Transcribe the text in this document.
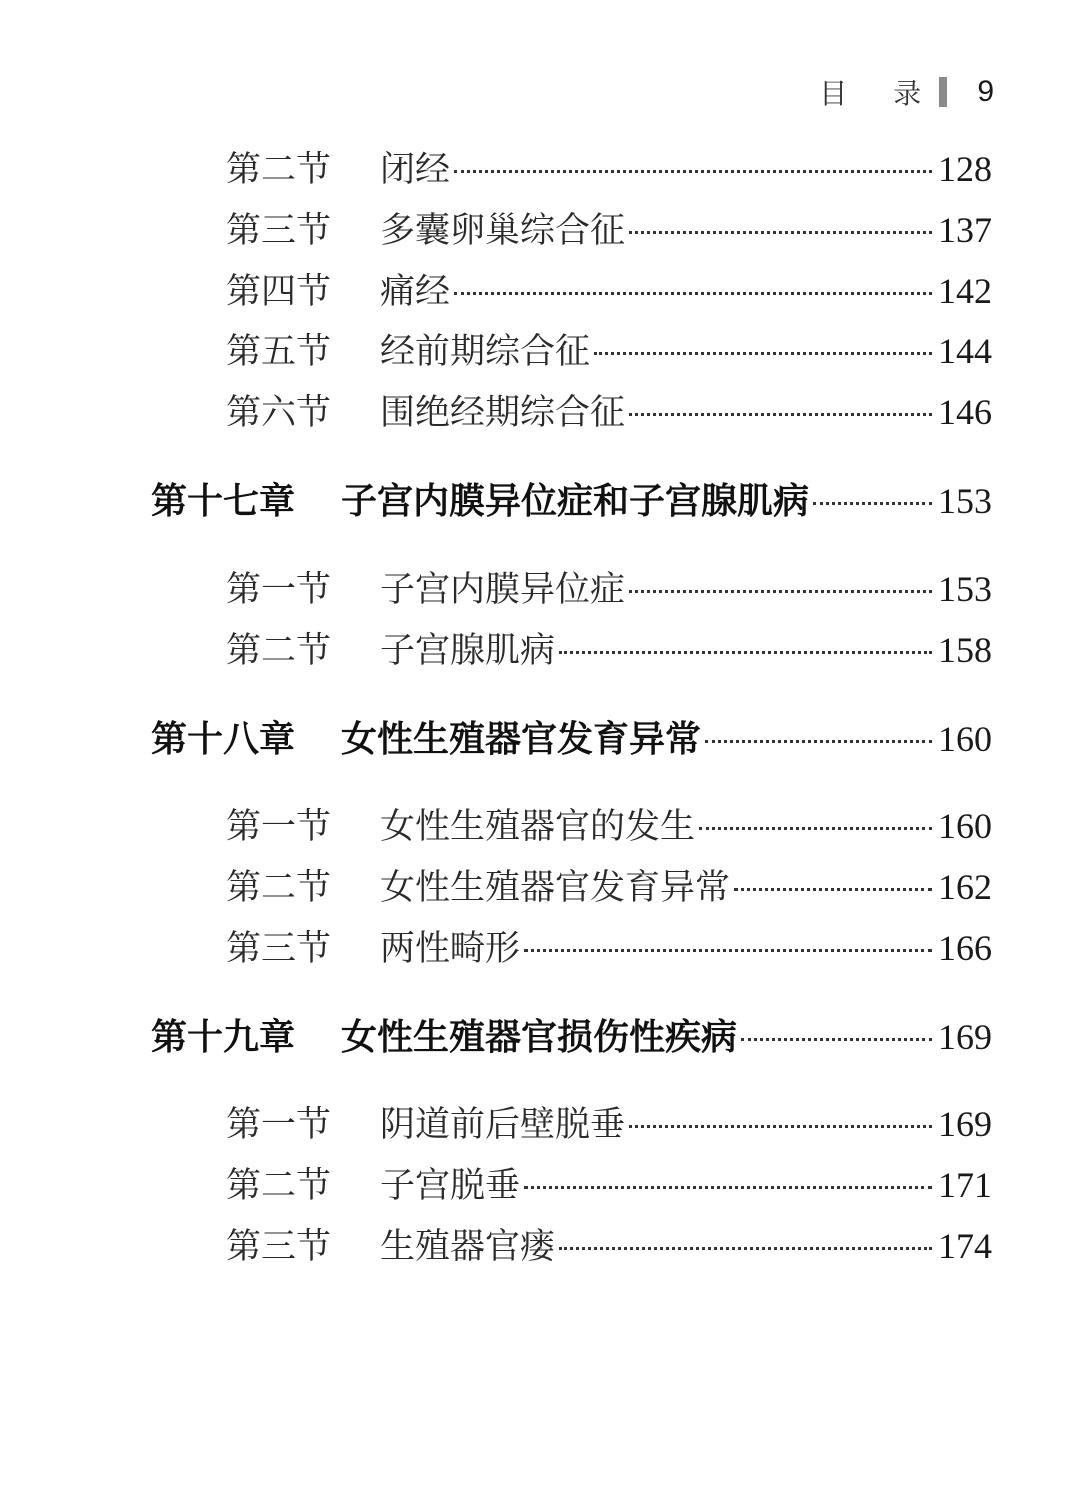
目 录 9
第二节	闭经	128
第三节	多囊卵巢综合征	137
第四节	痛经	142
第五节	经前期综合征	144
第六节	围绝经期综合征	146
第十七章	子宫内膜异位症和子宫腺肌病	153
第一节	子宫内膜异位症	153
第二节	子宫腺肌病	158
第十八章	女性生殖器官发育异常	160
第一节	女性生殖器官的发生	160
第二节	女性生殖器官发育异常	162
第三节	两性畸形	166
第十九章	女性生殖器官损伤性疾病	169
第一节	阴道前后壁脱垂	169
第二节	子宫脱垂	171
第三节	生殖器官瘘	174
